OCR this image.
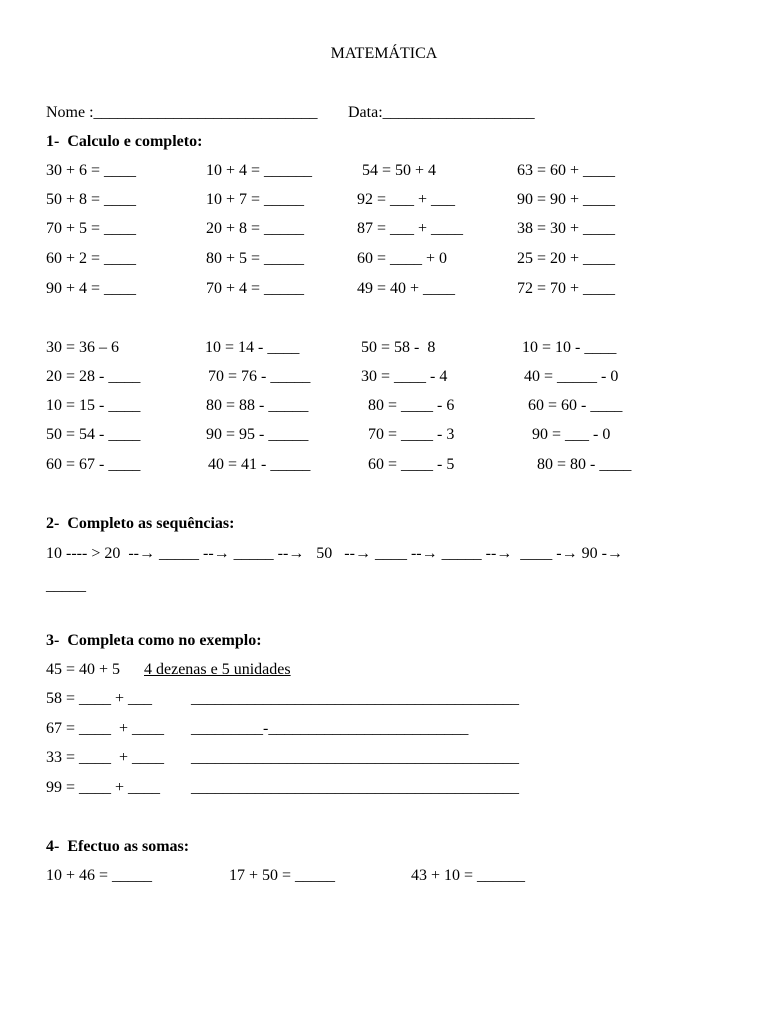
MATEMÁTICA
Nome :____________________________ Data:___________________
1-  Calculo e completo:
30 + 6 = ____	10 + 4 = ______	54 = 50 + 4	63 = 60 + ____
50 + 8 = ____	10 + 7 = _____	92 = ___ + ___	90 = 90 + ____
70 + 5 = ____	20 + 8 = _____	87 = ___ + ____	38 = 30 + ____
60 + 2 = ____	80 + 5 = _____	60 = ____ + 0	25 = 20 + ____
90 + 4 = ____	70 + 4 = _____	49 = 40 + ____	72 = 70 + ____
30 = 36 – 6	10 = 14 - ____	50 = 58 -  8	10 = 10 - ____
20 = 28 - ____	70 = 76 - _____	30 = ____ - 4	40 = _____ - 0
10 = 15 - ____	80 = 88 - _____	80 = ____ - 6	60 = 60 - ____
50 = 54 - ____	90 = 95 - _____	70 = ____ - 3	90 = ___ - 0
60 = 67 - ____	40 = 41 - _____	60 = ____ - 5	80 = 80 - ____
2-  Completo as sequências:
10 ---- > 20  --→ _____ --→ _____ --→   50   --→ ____ --→ _____ --→  ____ -→ 90 -→
_____
3-  Completa como no exemplo:
45 = 40 + 5 4 dezenas e 5 unidades
58 = ____ + ___ _________________________________________
67 = ____  + ____ _________-_________________________
33 = ____  + ____ _________________________________________
99 = ____ + ____ _________________________________________
4-  Efectuo as somas:
10 + 46 = _____	17 + 50 = _____	43 + 10 = ______
